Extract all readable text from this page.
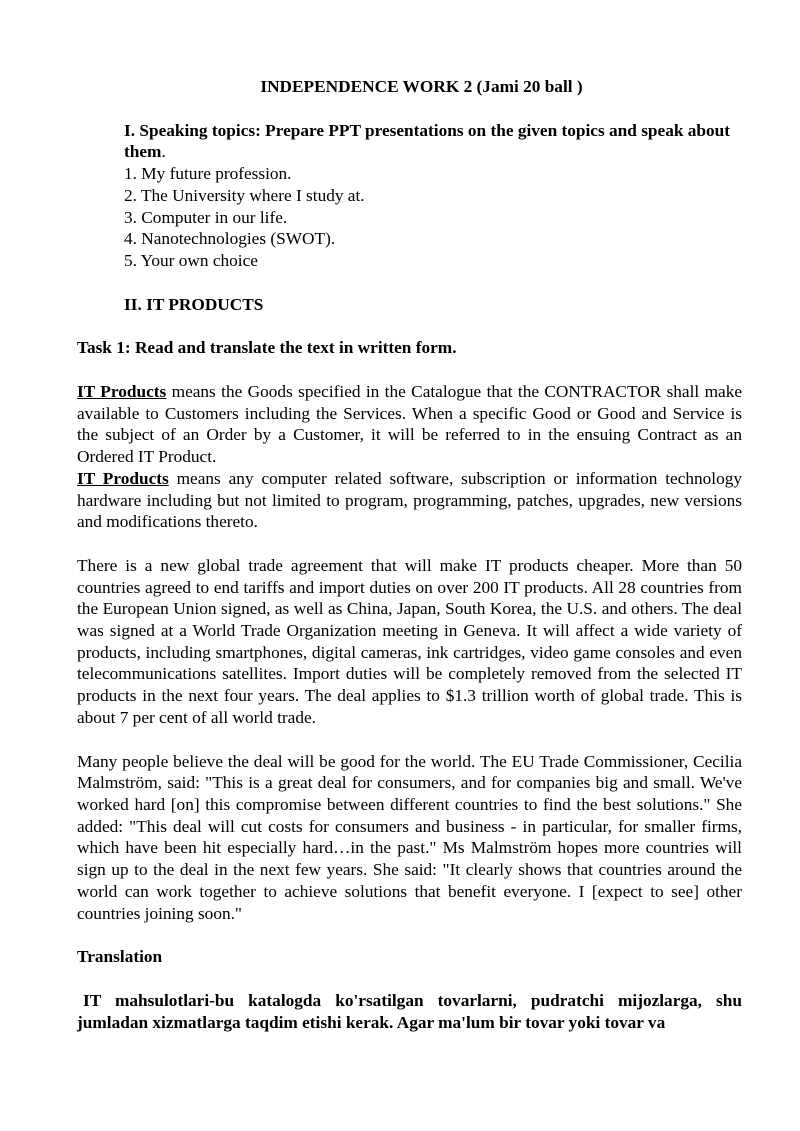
INDEPENDENCE WORK 2 (Jami 20 ball )

I. Speaking topics: Prepare PPT presentations on the given topics and speak about them.

1. My future profession.
2. The University where I study at.
3. Computer in our life.
4. Nanotechnologies (SWOT).
5. Your own choice

II. IT PRODUCTS

Task 1: Read and translate the text in written form.

IT Products means the Goods specified in the Catalogue that the CONTRACTOR shall make available to Customers including the Services. When a specific Good or Good and Service is the subject of an Order by a Customer, it will be referred to in the ensuing Contract as an Ordered IT Product.

IT Products means any computer related software, subscription or information technology hardware including but not limited to program, programming, patches, upgrades, new versions and modifications thereto.

There is a new global trade agreement that will make IT products cheaper. More than 50 countries agreed to end tariffs and import duties on over 200 IT products. All 28 countries from the European Union signed, as well as China, Japan, South Korea, the U.S. and others. The deal was signed at a World Trade Organization meeting in Geneva. It will affect a wide variety of products, including smartphones, digital cameras, ink cartridges, video game consoles and even telecommunications satellites. Import duties will be completely removed from the selected IT products in the next four years. The deal applies to $1.3 trillion worth of global trade. This is about 7 per cent of all world trade.

Many people believe the deal will be good for the world. The EU Trade Commissioner, Cecilia Malmström, said: "This is a great deal for consumers, and for companies big and small. We've worked hard [on] this compromise between different countries to find the best solutions." She added: "This deal will cut costs for consumers and business - in particular, for smaller firms, which have been hit especially hard…in the past." Ms Malmström hopes more countries will sign up to the deal in the next few years. She said: "It clearly shows that countries around the world can work together to achieve solutions that benefit everyone. I [expect to see] other countries joining soon."

Translation

IT mahsulotlari-bu katalogda ko'rsatilgan tovarlarni, pudratchi mijozlarga, shu jumladan xizmatlarga taqdim etishi kerak. Agar ma'lum bir tovar yoki tovar va
